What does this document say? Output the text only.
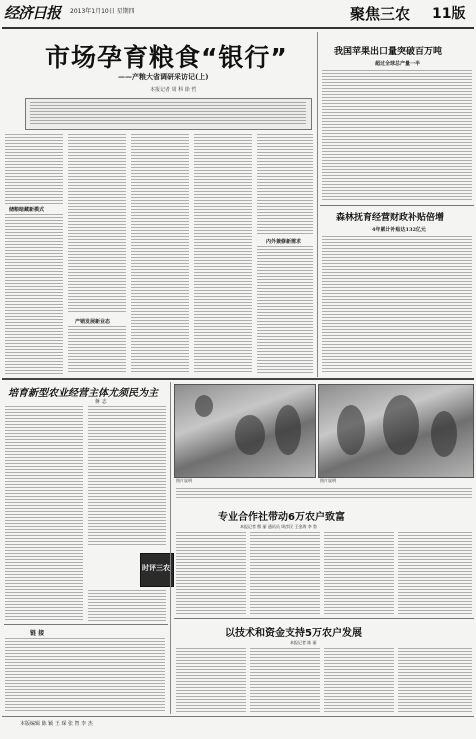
经济日报 2013年1月10日 星期四	聚焦三农 11版
市场孕育粮食“银行”
——产粮大省调研采访记(上)
本报记者 周 科 徐 哲
储粮暗藏新模式
产销发展新业态
内外兼修新需求
我国苹果出口量突破百万吨
超过全球总产量一半
森林抚育经营财政补贴倍增
4年累计补贴达132亿元
培育新型农业经营主体尤须民为主
蒋 志
时评三农
链 接
本版编辑 陈 颖 王 琛 张 智 李 杰
图片说明	图片说明
专业合作社带动6万农户致富
本报记者 熊 丽 通讯员 周彦民 王金海 李 勃
以技术和资金支持5万农户发展
本报记者 陈 丽
